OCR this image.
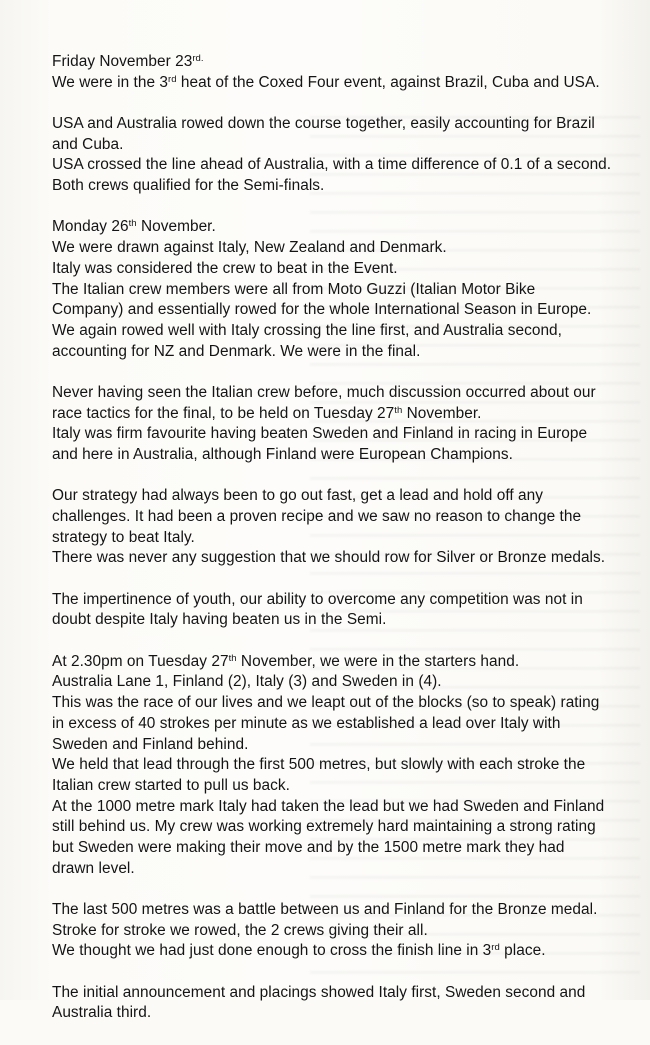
Friday November $23^{rd.}$
We were in the 3rd heat of the Coxed Four event, against Brazil, Cuba and USA.
USA and Australia rowed down the course together, easily accounting for Brazil
and Cuba.
USA crossed the line ahead of Australia, with a time difference of 0.1 of a second.
Both crews qualified for the Semi-finals.
Monday 26th November.
We were drawn against Italy, New Zealand and Denmark.
Italy was considered the crew to beat in the Event.
The Italian crew members were all from Moto Guzzi (Italian Motor Bike
Company) and essentially rowed for the whole International Season in Europe.
We again rowed well with Italy crossing the line first, and Australia second,
accounting for NZ and Denmark. We were in the final.
Never having seen the Italian crew before, much discussion occurred about our
race tactics for the final, to be held on Tuesday 27th November.
Italy was firm favourite having beaten Sweden and Finland in racing in Europe
and here in Australia, although Finland were European Champions.
Our strategy had always been to go out fast, get a lead and hold off any
challenges. It had been a proven recipe and we saw no reason to change the
strategy to beat Italy.
There was never any suggestion that we should row for Silver or Bronze medals.
The impertinence of youth, our ability to overcome any competition was not in
doubt despite Italy having beaten us in the Semi.
At 2.30pm on Tuesday 27th November, we were in the starters hand.
Australia Lane 1, Finland (2), Italy (3) and Sweden in (4).
This was the race of our lives and we leapt out of the blocks (so to speak) rating
in excess of 40 strokes per minute as we established a lead over Italy with
Sweden and Finland behind.
We held that lead through the first 500 metres, but slowly with each stroke the
Italian crew started to pull us back.
At the 1000 metre mark Italy had taken the lead but we had Sweden and Finland
still behind us. My crew was working extremely hard maintaining a strong rating
but Sweden were making their move and by the 1500 metre mark they had
drawn level.
The last 500 metres was a battle between us and Finland for the Bronze medal.
Stroke for stroke we rowed, the 2 crews giving their all.
We thought we had just done enough to cross the finish line in 3rd place.
The initial announcement and placings showed Italy first, Sweden second and
Australia third.
